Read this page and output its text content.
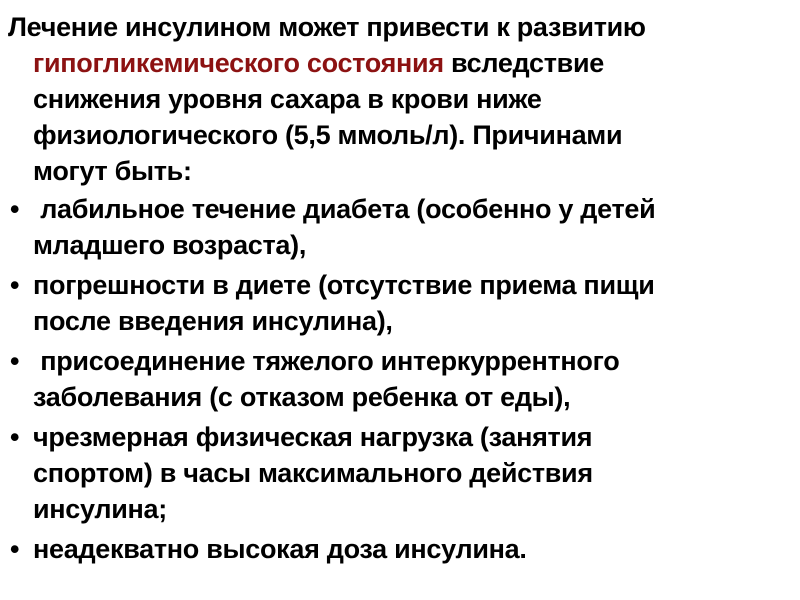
Лечение инсулином может привести к развитию гипогликемического состояния вследствие снижения уровня сахара в крови ниже физиологического (5,5 ммоль/л). Причинами могут быть:

• лабильное течение диабета (особенно у детей младшего возраста),
• погрешности в диете (отсутствие приема пищи после введения инсулина),
• присоединение тяжелого интеркуррентного заболевания (с отказом ребенка от еды),
• чрезмерная физическая нагрузка (занятия спортом) в часы максимального действия инсулина;
• неадекватно высокая доза инсулина.
